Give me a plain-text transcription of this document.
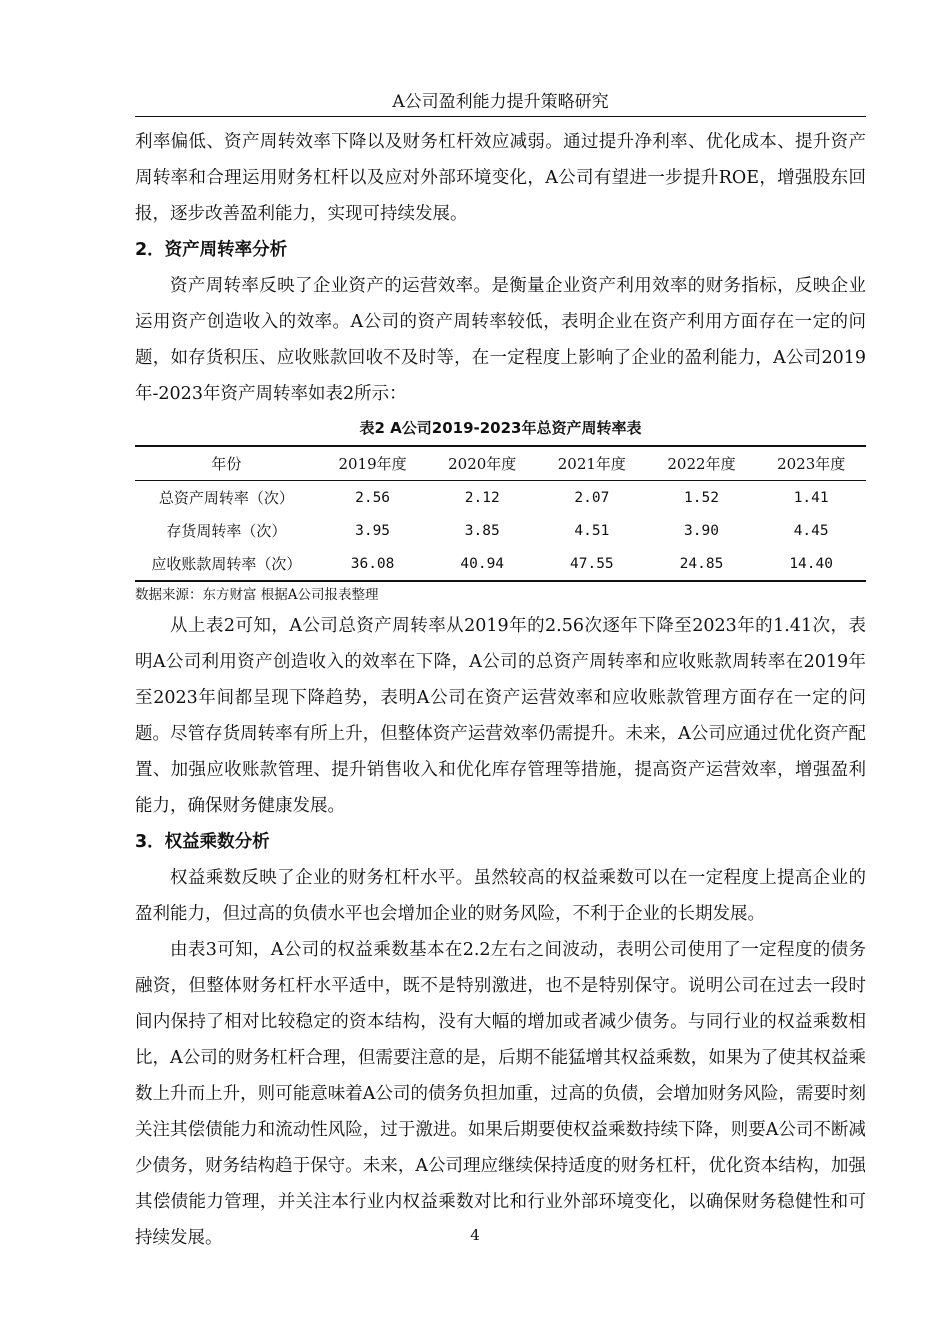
A公司盈利能力提升策略研究

利率偏低、资产周转效率下降以及财务杠杆效应减弱。通过提升净利率、优化成本、提升资产周转率和合理运用财务杠杆以及应对外部环境变化，A公司有望进一步提升ROE，增强股东回报，逐步改善盈利能力，实现可持续发展。

2．资产周转率分析

资产周转率反映了企业资产的运营效率。是衡量企业资产利用效率的财务指标，反映企业运用资产创造收入的效率。A公司的资产周转率较低，表明企业在资产利用方面存在一定的问题，如存货积压、应收账款回收不及时等，在一定程度上影响了企业的盈利能力，A公司2019年-2023年资产周转率如表2所示：

表2 A公司2019-2023年总资产周转率表
年份	2019年度	2020年度	2021年度	2022年度	2023年度
总资产周转率（次）	2.56	2.12	2.07	1.52	1.41
存货周转率（次）	3.95	3.85	4.51	3.90	4.45
应收账款周转率（次）	36.08	40.94	47.55	24.85	14.40
数据来源：东方财富 根据A公司报表整理

从上表2可知，A公司总资产周转率从2019年的2.56次逐年下降至2023年的1.41次，表明A公司利用资产创造收入的效率在下降，A公司的总资产周转率和应收账款周转率在2019年至2023年间都呈现下降趋势，表明A公司在资产运营效率和应收账款管理方面存在一定的问题。尽管存货周转率有所上升，但整体资产运营效率仍需提升。未来，A公司应通过优化资产配置、加强应收账款管理、提升销售收入和优化库存管理等措施，提高资产运营效率，增强盈利能力，确保财务健康发展。

3．权益乘数分析

权益乘数反映了企业的财务杠杆水平。虽然较高的权益乘数可以在一定程度上提高企业的盈利能力，但过高的负债水平也会增加企业的财务风险，不利于企业的长期发展。

由表3可知，A公司的权益乘数基本在2.2左右之间波动，表明公司使用了一定程度的债务融资，但整体财务杠杆水平适中，既不是特别激进，也不是特别保守。说明公司在过去一段时间内保持了相对比较稳定的资本结构，没有大幅的增加或者减少债务。与同行业的权益乘数相比，A公司的财务杠杆合理，但需要注意的是，后期不能猛增其权益乘数，如果为了使其权益乘数上升而上升，则可能意味着A公司的债务负担加重，过高的负债，会增加财务风险，需要时刻关注其偿债能力和流动性风险，过于激进。如果后期要使权益乘数持续下降，则要A公司不断减少债务，财务结构趋于保守。未来，A公司理应继续保持适度的财务杠杆，优化资本结构，加强其偿债能力管理，并关注本行业内权益乘数对比和行业外部环境变化，以确保财务稳健性和可持续发展。	4
